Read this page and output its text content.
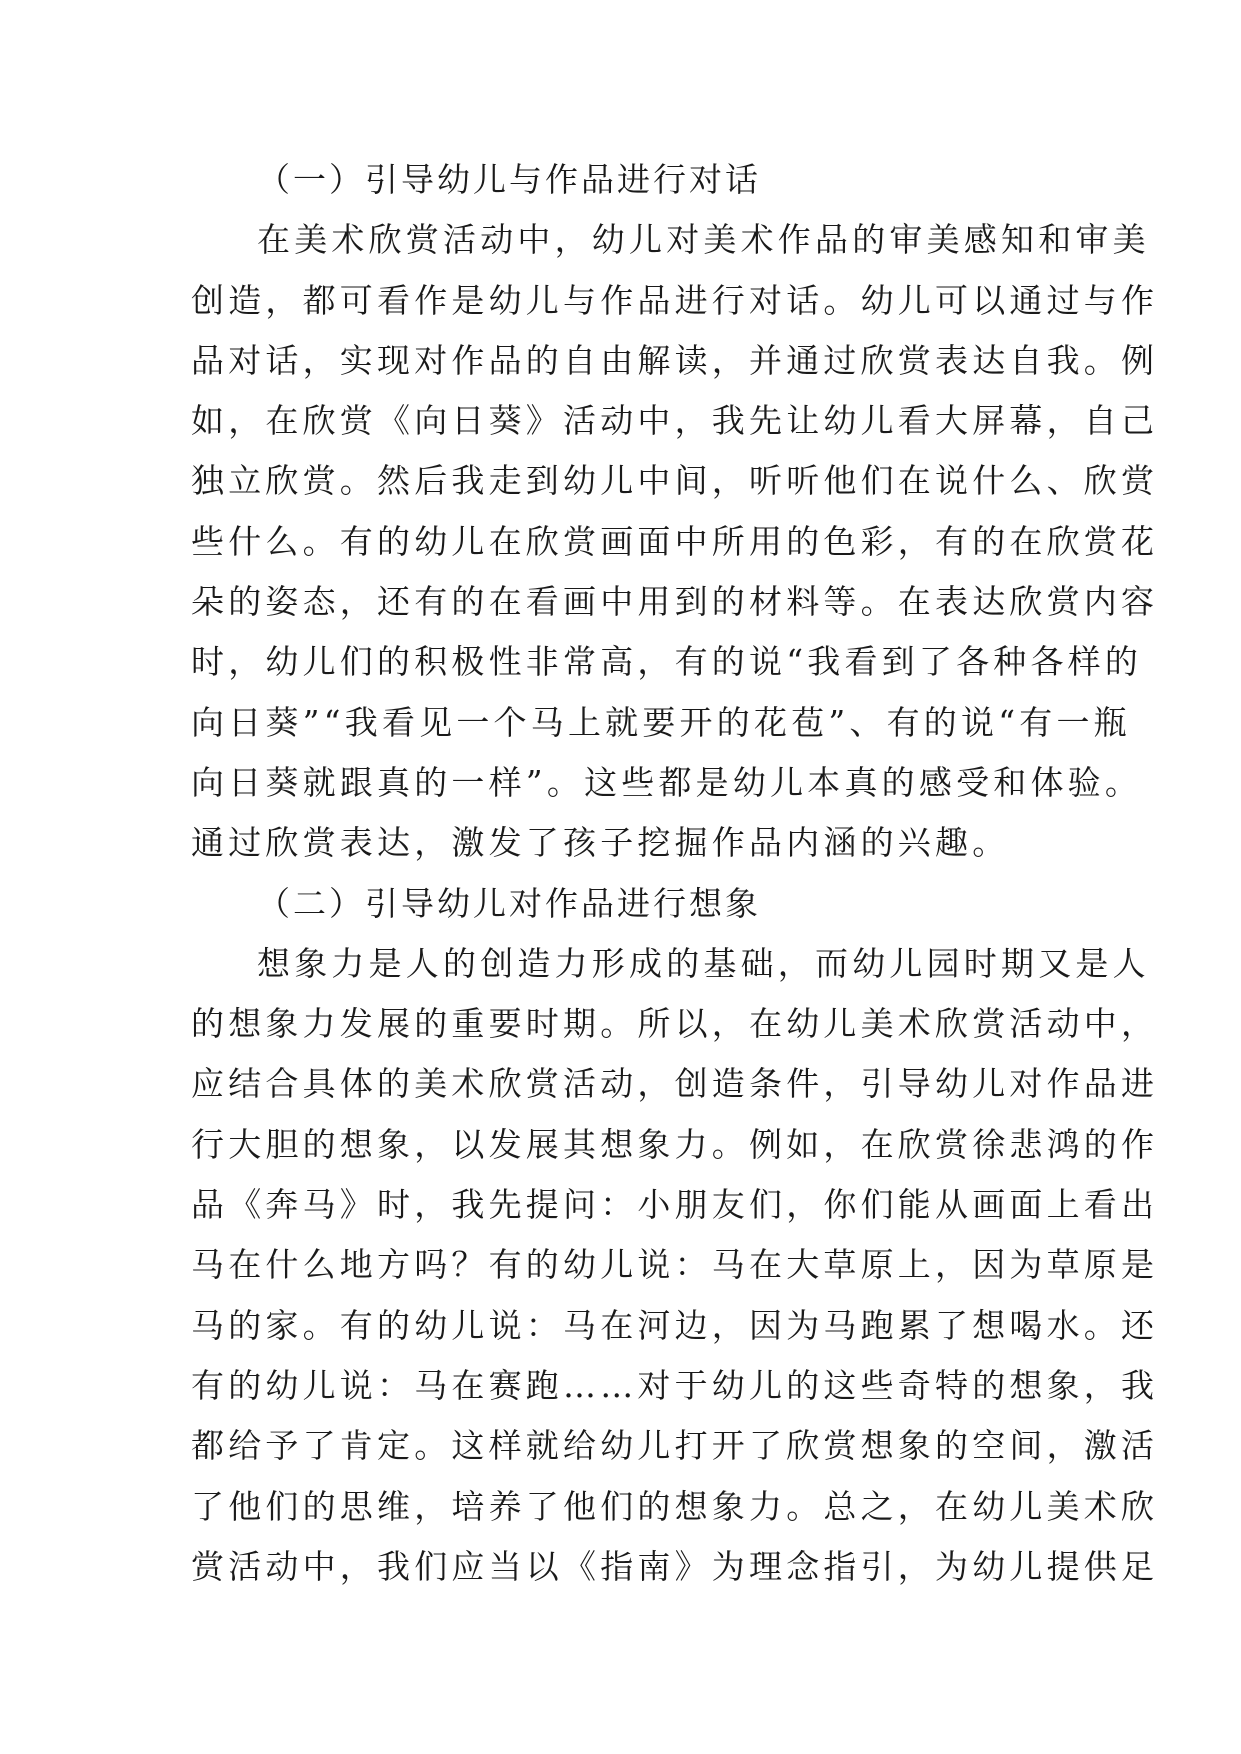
（一）引导幼儿与作品进行对话
在美术欣赏活动中，幼儿对美术作品的审美感知和审美
创造，都可看作是幼儿与作品进行对话。幼儿可以通过与作
品对话，实现对作品的自由解读，并通过欣赏表达自我。例
如，在欣赏《向日葵》活动中，我先让幼儿看大屏幕，自己
独立欣赏。然后我走到幼儿中间，听听他们在说什么、欣赏
些什么。有的幼儿在欣赏画面中所用的色彩，有的在欣赏花
朵的姿态，还有的在看画中用到的材料等。在表达欣赏内容
时，幼儿们的积极性非常高，有的说“我看到了各种各样的
向日葵”“我看见一个马上就要开的花苞”、有的说“有一瓶
向日葵就跟真的一样”。这些都是幼儿本真的感受和体验。
通过欣赏表达，激发了孩子挖掘作品内涵的兴趣。
（二）引导幼儿对作品进行想象
想象力是人的创造力形成的基础，而幼儿园时期又是人
的想象力发展的重要时期。所以，在幼儿美术欣赏活动中，
应结合具体的美术欣赏活动，创造条件，引导幼儿对作品进
行大胆的想象，以发展其想象力。例如，在欣赏徐悲鸿的作
品《奔马》时，我先提问：小朋友们，你们能从画面上看出
马在什么地方吗？有的幼儿说：马在大草原上，因为草原是
马的家。有的幼儿说：马在河边，因为马跑累了想喝水。还
有的幼儿说：马在赛跑……对于幼儿的这些奇特的想象，我
都给予了肯定。这样就给幼儿打开了欣赏想象的空间，激活
了他们的思维，培养了他们的想象力。总之，在幼儿美术欣
赏活动中，我们应当以《指南》为理念指引，为幼儿提供足
